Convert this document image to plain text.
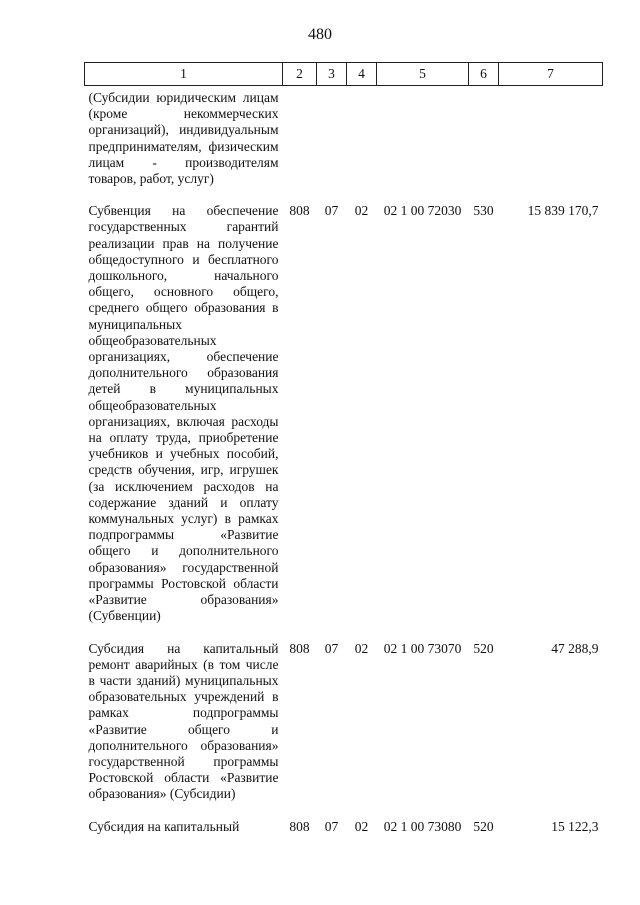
480
1	2	3	4	5	6	7
(Субсидии юридическим лицам (кроме некоммерческих организаций), индивидуальным предпринимателям, физическим лицам - производителям товаров, работ, услуг)						
Субвенция на обеспечение государственных гарантий реализации прав на получение общедоступного и бесплатного дошкольного, начального общего, основного общего, среднего общего образования в муниципальных общеобразовательных организациях, обеспечение дополнительного образования детей в муниципальных общеобразовательных организациях, включая расходы на оплату труда, приобретение учебников и учебных пособий, средств обучения, игр, игрушек (за исключением расходов на содержание зданий и оплату коммунальных услуг) в рамках подпрограммы «Развитие общего и дополнительного образования» государственной программы Ростовской области «Развитие образования» (Субвенции)	808	07	02	02 1 00 72030	530	15 839 170,7
Субсидия на капитальный ремонт аварийных (в том числе в части зданий) муниципальных образовательных учреждений в рамках подпрограммы «Развитие общего и дополнительного образования» государственной программы Ростовской области «Развитие образования» (Субсидии)	808	07	02	02 1 00 73070	520	47 288,9
Субсидия на капитальный	808	07	02	02 1 00 73080	520	15 122,3
